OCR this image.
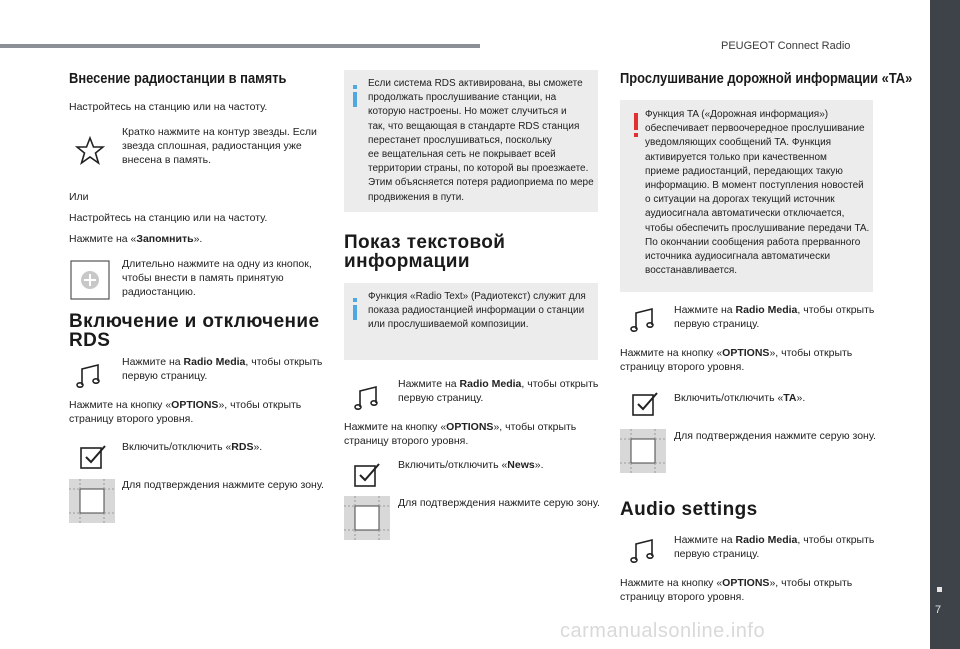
PEUGEOT Connect Radio
7
carmanualsonline.info
Внесение радиостанции в память
Настройтесь на станцию или на частоту.
Кратко нажмите на контур звезды. Если
звезда сплошная, радиостанция уже
внесена в память.
Или
Настройтесь на станцию или на частоту.
Нажмите на «Запомнить».
Длительно нажмите на одну из кнопок,
чтобы внести в память принятую
радиостанцию.
Включение и отключение
RDS
Нажмите на Radio Media, чтобы открыть
первую страницу.
Нажмите на кнопку «OPTIONS», чтобы открыть
страницу второго уровня.
Включить/отключить «RDS».
Для подтверждения нажмите серую зону.
Если система RDS активирована, вы сможете
продолжать прослушивание станции, на
которую настроены. Но может случиться и
так, что вещающая в стандарте RDS станция
перестанет прослушиваться, поскольку
ее вещательная сеть не покрывает всей
территории страны, по которой вы проезжаете.
Этим объясняется потеря радиоприема по мере
продвижения в пути.
Показ текстовой
информации
Функция «Radio Text» (Радиотекст) служит для
показа радиостанцией информации о станции
или прослушиваемой композиции.
Нажмите на Radio Media, чтобы открыть
первую страницу.
Нажмите на кнопку «OPTIONS», чтобы открыть
страницу второго уровня.
Включить/отключить «News».
Для подтверждения нажмите серую зону.
Прослушивание дорожной информации «TA»
Функция TA («Дорожная информация»)
обеспечивает первоочередное прослушивание
уведомляющих сообщений TA. Функция
активируется только при качественном
приеме радиостанций, передающих такую
информацию. В момент поступления новостей
о ситуации на дорогах текущий источник
аудиосигнала автоматически отключается,
чтобы обеспечить прослушивание передачи TA.
По окончании сообщения работа прерванного
источника аудиосигнала автоматически
восстанавливается.
Нажмите на Radio Media, чтобы открыть
первую страницу.
Нажмите на кнопку «OPTIONS», чтобы открыть
страницу второго уровня.
Включить/отключить «TA».
Для подтверждения нажмите серую зону.
Audio settings
Нажмите на Radio Media, чтобы открыть
первую страницу.
Нажмите на кнопку «OPTIONS», чтобы открыть
страницу второго уровня.
